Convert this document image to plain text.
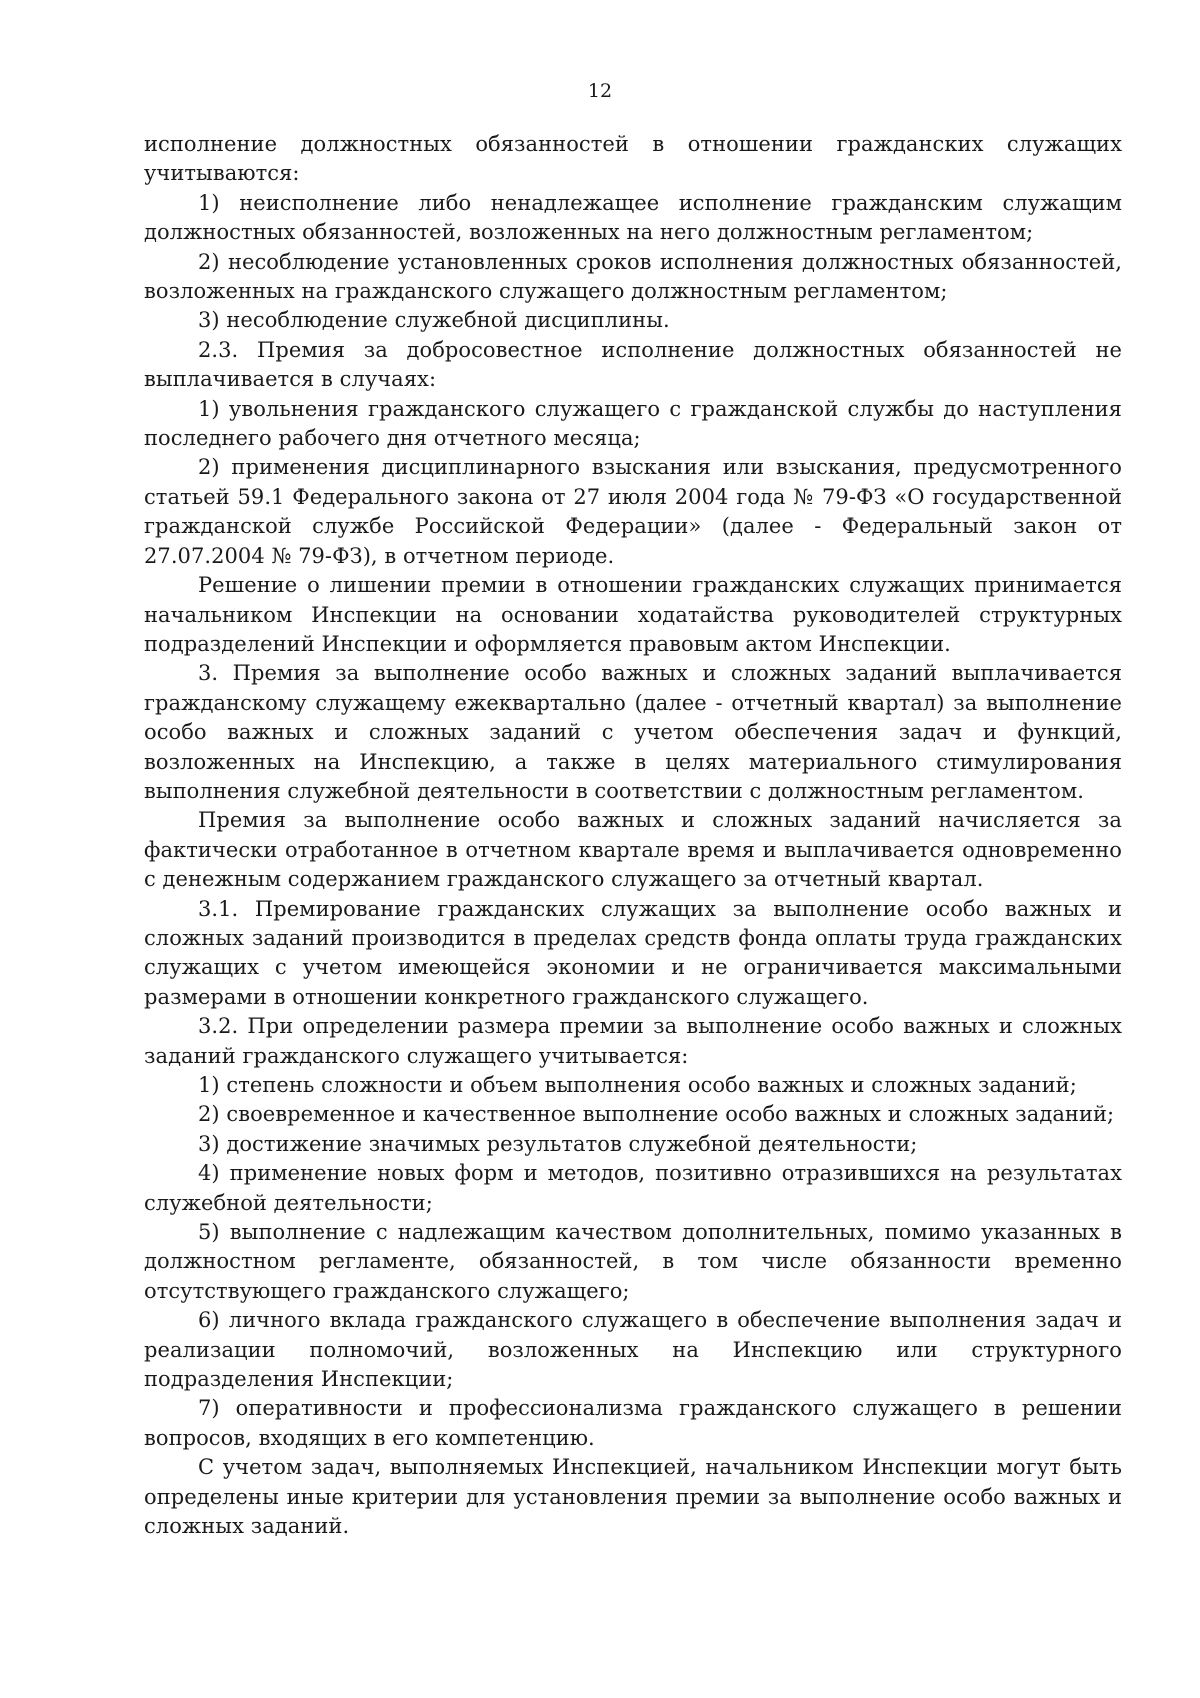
12

исполнение должностных обязанностей в отношении гражданских служащих учитываются:

1) неисполнение либо ненадлежащее исполнение гражданским служащим должностных обязанностей, возложенных на него должностным регламентом;

2) несоблюдение установленных сроков исполнения должностных обязанностей, возложенных на гражданского служащего должностным регламентом;

3) несоблюдение служебной дисциплины.

2.3. Премия за добросовестное исполнение должностных обязанностей не выплачивается в случаях:

1) увольнения гражданского служащего с гражданской службы до наступления последнего рабочего дня отчетного месяца;

2) применения дисциплинарного взыскания или взыскания, предусмотренного статьей 59.1 Федерального закона от 27 июля 2004 года № 79-ФЗ «О государственной гражданской службе Российской Федерации» (далее - Федеральный закон от 27.07.2004 № 79-ФЗ), в отчетном периоде.

Решение о лишении премии в отношении гражданских служащих принимается начальником Инспекции на основании ходатайства руководителей структурных подразделений Инспекции и оформляется правовым актом Инспекции.

3. Премия за выполнение особо важных и сложных заданий выплачивается гражданскому служащему ежеквартально (далее - отчетный квартал) за выполнение особо важных и сложных заданий с учетом обеспечения задач и функций, возложенных на Инспекцию, а также в целях материального стимулирования выполнения служебной деятельности в соответствии с должностным регламентом.

Премия за выполнение особо важных и сложных заданий начисляется за фактически отработанное в отчетном квартале время и выплачивается одновременно с денежным содержанием гражданского служащего за отчетный квартал.

3.1. Премирование гражданских служащих за выполнение особо важных и сложных заданий производится в пределах средств фонда оплаты труда гражданских служащих с учетом имеющейся экономии и не ограничивается максимальными размерами в отношении конкретного гражданского служащего.

3.2. При определении размера премии за выполнение особо важных и сложных заданий гражданского служащего учитывается:

1) степень сложности и объем выполнения особо важных и сложных заданий;

2) своевременное и качественное выполнение особо важных и сложных заданий;

3) достижение значимых результатов служебной деятельности;

4) применение новых форм и методов, позитивно отразившихся на результатах служебной деятельности;

5) выполнение с надлежащим качеством дополнительных, помимо указанных в должностном регламенте, обязанностей, в том числе обязанности временно отсутствующего гражданского служащего;

6) личного вклада гражданского служащего в обеспечение выполнения задач и реализации полномочий, возложенных на Инспекцию или структурного подразделения Инспекции;

7) оперативности и профессионализма гражданского служащего в решении вопросов, входящих в его компетенцию.

С учетом задач, выполняемых Инспекцией, начальником Инспекции могут быть определены иные критерии для установления премии за выполнение особо важных и сложных заданий.
